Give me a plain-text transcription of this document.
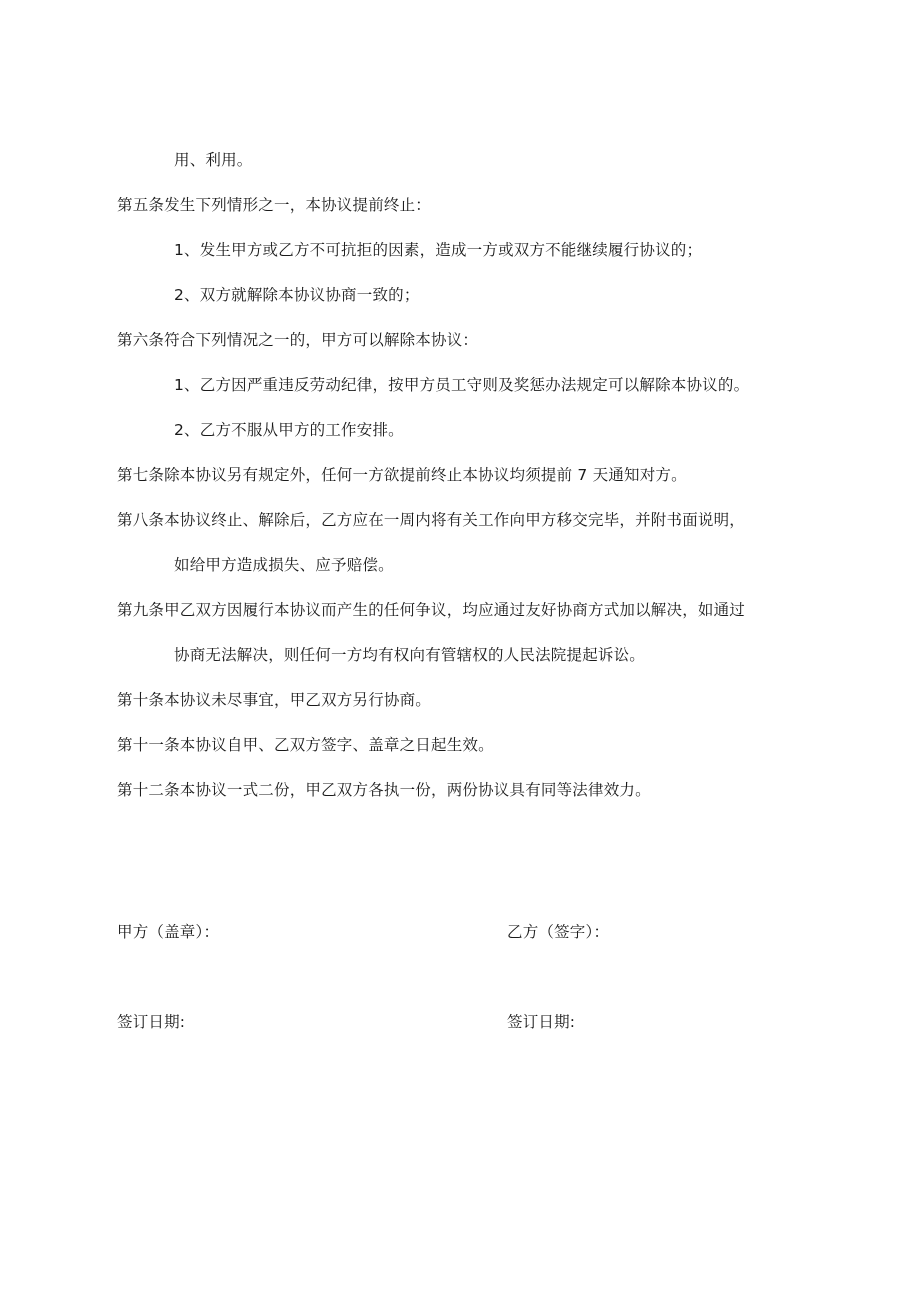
用、利用。
第五条发生下列情形之一，本协议提前终止：
1、发生甲方或乙方不可抗拒的因素，造成一方或双方不能继续履行协议的；
2、双方就解除本协议协商一致的；
第六条符合下列情况之一的，甲方可以解除本协议：
1、乙方因严重违反劳动纪律，按甲方员工守则及奖惩办法规定可以解除本协议的。
2、乙方不服从甲方的工作安排。
第七条除本协议另有规定外，任何一方欲提前终止本协议均须提前 7 天通知对方。
第八条本协议终止、解除后，乙方应在一周内将有关工作向甲方移交完毕，并附书面说明，
如给甲方造成损失、应予赔偿。
第九条甲乙双方因履行本协议而产生的任何争议，均应通过友好协商方式加以解决，如通过
协商无法解决，则任何一方均有权向有管辖权的人民法院提起诉讼。
第十条本协议未尽事宜，甲乙双方另行协商。
第十一条本协议自甲、乙双方签字、盖章之日起生效。
第十二条本协议一式二份，甲乙双方各执一份，两份协议具有同等法律效力。
甲方（盖章）：	乙方（签字）：
签订日期:	签订日期:
